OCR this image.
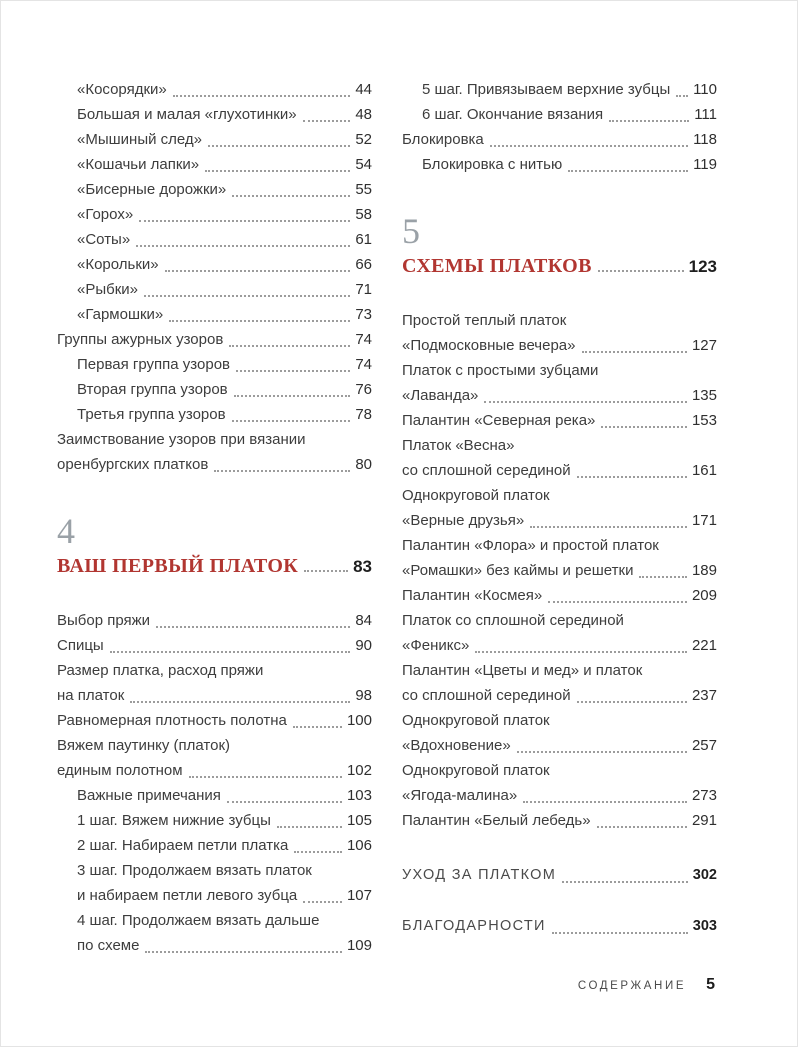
«Косорядки»	44
Большая и малая «глухотинки»	48
«Мышиный след»	52
«Кошачьи лапки»	54
«Бисерные дорожки»	55
«Горох»	58
«Соты»	61
«Корольки»	66
«Рыбки»	71
«Гармошки»	73
Группы ажурных узоров	74
Первая группа узоров	74
Вторая группа узоров	76
Третья группа узоров	78
Заимствование узоров при вязании
оренбургских платков	80
4
ВАШ ПЕРВЫЙ ПЛАТОК	83
Выбор пряжи	84
Спицы	90
Размер платка, расход пряжи
на платок	98
Равномерная плотность полотна	100
Вяжем паутинку (платок)
единым полотном	102
Важные примечания	103
1 шаг. Вяжем нижние зубцы	105
2 шаг. Набираем петли платка	106
3 шаг. Продолжаем вязать платок
и набираем петли левого зубца	107
4 шаг. Продолжаем вязать дальше
по схеме	109
5 шаг. Привязываем верхние зубцы 110
6 шаг. Окончание вязания	111
Блокировка	118
Блокировка с нитью	119
5
СХЕМЫ ПЛАТКОВ	123
Простой теплый платок
«Подмосковные вечера»	127
Платок с простыми зубцами
«Лаванда»	135
Палантин «Северная река»	153
Платок «Весна»
со сплошной серединой	161
Однокруговой платок
«Верные друзья»	171
Палантин «Флора» и простой платок
«Ромашки» без каймы и решетки	189
Палантин «Космея»	209
Платок со сплошной серединой
«Феникс»	221
Палантин «Цветы и мед» и платок
со сплошной серединой	237
Однокруговой платок
«Вдохновение»	257
Однокруговой платок
«Ягода-малина»	273
Палантин «Белый лебедь»	291
УХОД ЗА ПЛАТКОМ	302
БЛАГОДАРНОСТИ	303
СОДЕРЖАНИЕ 5
